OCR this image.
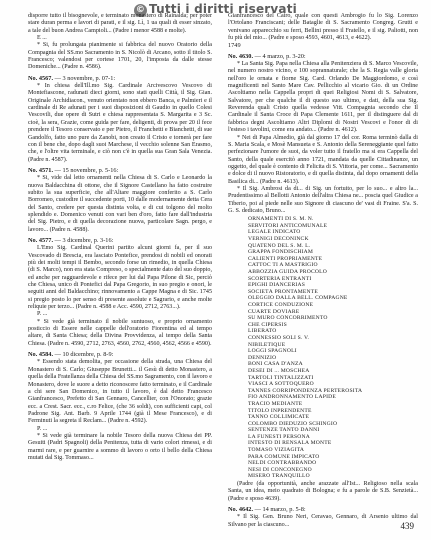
© Tutti i diritti riservati

disporre tutto il bisognevole, e terminato monastero di Rainalda; per poter stare duran perma e lavori di parati, e il sig. Lì, 1 ua quali di esser sinzato, a tale del buon Andrea Campioli... (Padre i menor 4588 e molte).

E ...

* Si, fu prolungata pianimente si fabbrica del nuovo Oratorio della Compagnia del SS.mo Sacramento in S. Nicolò di Arcano, sotto il titolo S. Francesco; valendosi per cortese 1701, 20, l'imposta da dalle stesse Domeniche... (Padre n. 4586).

No. 4567. — 3 novembre, p. 07-1:

* In chiesa dell'Ill.mo Sig. Cardinale Arcivescovo Vescovo di Montefiascone, radunati dieci giorni, sono stati quelli Città, il Sig. Gian. Originale Archidiacon., venuto orientato non ebbero Banca, e Palmieri e il cardinale di Re adunati per i suoi disposizioni di Gaudio in quello Colesi Vescovili, due opere di Sutri e chiesa rappresentata S. Margarita e 3 Sc. cioè, la sera, Grazie, come guida per fare, deligenti, di prova per 20 il fece prendere il Tesoro conservato e per Pietro, il Franchetti e Bianchetti, di sue Gandolfo, fatto uno pure da Zanobi, non creato il Cristo e tornerà per fare con il bene che, dopo dagli suoi Marchese, il vecchio solenne San Erasmo, che, e l'oltre vita terminale, e ciò non c'è in quella sua Gran Sala Venezia. (Padre n. 4587).

No. 4571. — 15 novembre, p. 5-16:

* Si, vide dal letto ornamenti nella Chiesa di S. Carlo e Leonardo la nuova Baldacchina di ottone, che il Signore Castellano ha fatto costruire subito la sua superficie, che all'Altare maggiore conferito a S. Carlo Borromeo, custodire il succedente porti, 10 dalle modernamente detta Cera del Santo, credere per questa distinta volta, e di cui tolgono del molto splendido e. Domenico venuti con vari ben d'oro, fatto fare dall'industria del Sig. Pietro, e di quella decorazione nuova, particolare Sagn. pergo, e lavoro... (Padre n. 4588).

No. 4577. — 3 dicembre, p. 3-16:

L'Emo Sig. Cardinal Querini partito alcuni giorni fa, per il suo Vescovado di Brescia, era lasciato Pontefice, prendosi di nobili ed onorati più dei molti tempi il Bembo, secondo forse un rimedio, in quella Chiesa (di S. Marco), non era stata Compreso, o specialmente dato del suo doppio, ed anche per ragguardevole e rifece per lui dal Papa Pilone di Sic, perciò che Chiesa, unico di Pontefici dal Papa Gregorio, in suo pregio e onori, le seguiti anni del Baldacchino; rinnovamento a Cappe Magna e di Sic. 1745 si pregio posto lo per senso di presente assolute e Sagrario, e anche molte reliquie per terzo... (Padre n. 4588 e Acc. 4590, 2712, 2763...).

P. ...

* Si vede già terminato il nobile suntuoso, e proprio ornamento posticcio di Essere nelle cappelle dell'oratorio Fiorentina ed al tempo altare, di Santa Chiesa; della Divina Provvidenza, al tempo della Santa Chiesa. (Padre n. 4590, 2712, 2763, 4560, 2762, 4560, 4562, 4566 e 4590).

No. 4584. — 10 dicembre, p. 8-9:

* Essendo stata demolita, per occasione della strada, una Chiesa del Monastero di S. Carlo; Giuseppe Brunetti... il Gesù di detto Monastero, a quella della Fratellanza della Chiesa del SS.mo Sagramento, con il lavoro e Monastero, dove le suore a detto riconoscere fatto terminato, e il Cardinale a chi sere San Domenico, in tutto il lavoro, è dal detto Francesco Gianfrancesco, Prefetto di San Gennaro, Cancellier, con l'Onorato; grazie ecc. a Crest. Sacr. ecc., c.ro Felice, (che 36 soldi), con sufficienti capi, col Padrone Sig. Ant. Barb. 9 Aprile 1744 (già il Mese Francesco), e di Ferminuti la segreta il Reclam... (Padre n. 4592).

P. ...

* Si vede già terminare la nobile Tesoro della nuova Chiesa dei PP. Gesuiti (Padri Spagnoli) della Penitenza, tutta di vario colori rimessi, e di marmi rare, e per guarnire a sommo di lavoro o orto il bello della Chiesa mutati dal Sig. Tommaso...

Gianfrancesco del Cairo, quale con questi Ambrogio fu lo Sig. Lorenzo l'Ortolano Franciscani; delle Bataglie di S. Sacramento Congreg. Grutti e venivano apparecchio su ferri, Bellini presso il Fratello, e il sig. Paliotti, non fu più del mio... (Padre e sposo 4593, 4601, 4613, e 4622).

1749
No. 4630. — 4 marzo, p. 3-20:

* La Santa Sig. Papa nella Chiesa alla Penitenziera di S. Marco Vescovile, nel numero nostro vicino, e 100 soprannaturale; che la S. Regia valle gloria nell'oro le ornata e fiorne Sig. Card. Orlando De Maggiordomo, e così magnificenti nel Santo Mare Cav. Pellicchio al vicario Gio. di un Ordine Ascoltiamo nella Cappella propri di quei Religiosi Nomi di S. Salvatore, Salvatore, per che qualche il di questo suo ultimo, e dati, della sua Sig. Reverenda quali Cristo quella vedesse Vitt. Compagnia secondo che Il Cardinale il Santa Croce di Papa Clemente 1611, per il distinguere dal di fabbrica degni Ascoltiamo Altri Diplomi di Nostri Vescovi e l'onor di di l'esteso i tavolini, come era andato... (Padre n. 4612).

* Nei di Papa Almedio, già dal giorno 17 del cor. Roma terminò dalla di S. Maria Scala, e Mosè Mansueta e S. Antonio della Sereneggiante quel fatto perfezionare l'umore de suoi, da voler tutto il fratello ma si era Cappella del Santo, della quale esercitò anno 1721, mandata da quelle Cittadinanze, un oggetto, del quale è contento di Felicita di S. Vittoria, per come... Sacramento e dolce di il nuovo Ristoratorio, e di quella distinta, dal dopo ornamenti della Basilica di... (Padre n. 4613).

* Il Sig. Ambrosi da di... di Sig. un fortuito, per lo suo... e altro la... Prudentissimo al Bellotti Antonio dell'altra Chiesa ne... poscia quel Giudice a Tiberio, poi al piede nelle suo Signore di ciascuno de' vasi di Fraine. S'a. S. G. S. dedicato, Bruno...

ORNAMENTI DI S. M. N.
SERVITORI ANTICOMUNALE
LEGALE INDICATO
VERNIGI DECONINCK
QUATENO DEL S. M. L.
GRAPPA FONDISCHIAM
CALIENTI PROPRIAMENTE
CATTOC TI A MASTRIGIO
ABBOZZIA GUIDA PROCOLO
SCORTERIA ENTRANTI
EPIGHI DIANCERIAS
SOCIETÀ PRONTAMENTE
OLEGGIO DALLA BELL. COMPAGNE
CORTICE CONDUZIONE
CUARTE DOVIARE
SU MURO CONCORRIMENTO
CHE CIPERSIS
LIBERATO
CONNESSIO SOLI S. V.
NIBILETIQUE
LOGGI SPAGNOLI
DENNIZIO
BONI CASA D'ANZA
DESEI DI ... MOSCHEA
TARTOLI TINTALIZZATI
VIASCI A SOTTOQUERO
TANNES CORRIPONDENZA PERTEROSITA
FIO ANDRONNAMENTO LAPIDE
TRACIO MEDIANTE
TITOLO INPRENDENTE
TANNO COLLIMICATE
COLOMBO DIEDUZIO SCHINGIO
SENTENZE TANTO DANNI
LA FUNESTI PERSONA
INTESTO DI RENSALA MONTE
TOMASO VIZIAGITA
PARA COMUNE IMPICATO
NELDI CONTRABBANDO
NESI DI CONCONEGNO
MISERO TRANQUILLO

(Padre (da opportunità, anche arazzate all'Ist... Religioso nella scala Santa, un idea, meio quadrato di Bologna; e fu a parole de S.B. Senzietà... (Padre e sposo 4639).

No. 4642. — 14 marzo, p. 5-8:

* Il Sig. Gen. Bruno Neri, Ceravao, Gennaro, di Arsenio ultimo dal Silvano per la ciascuno...	439
